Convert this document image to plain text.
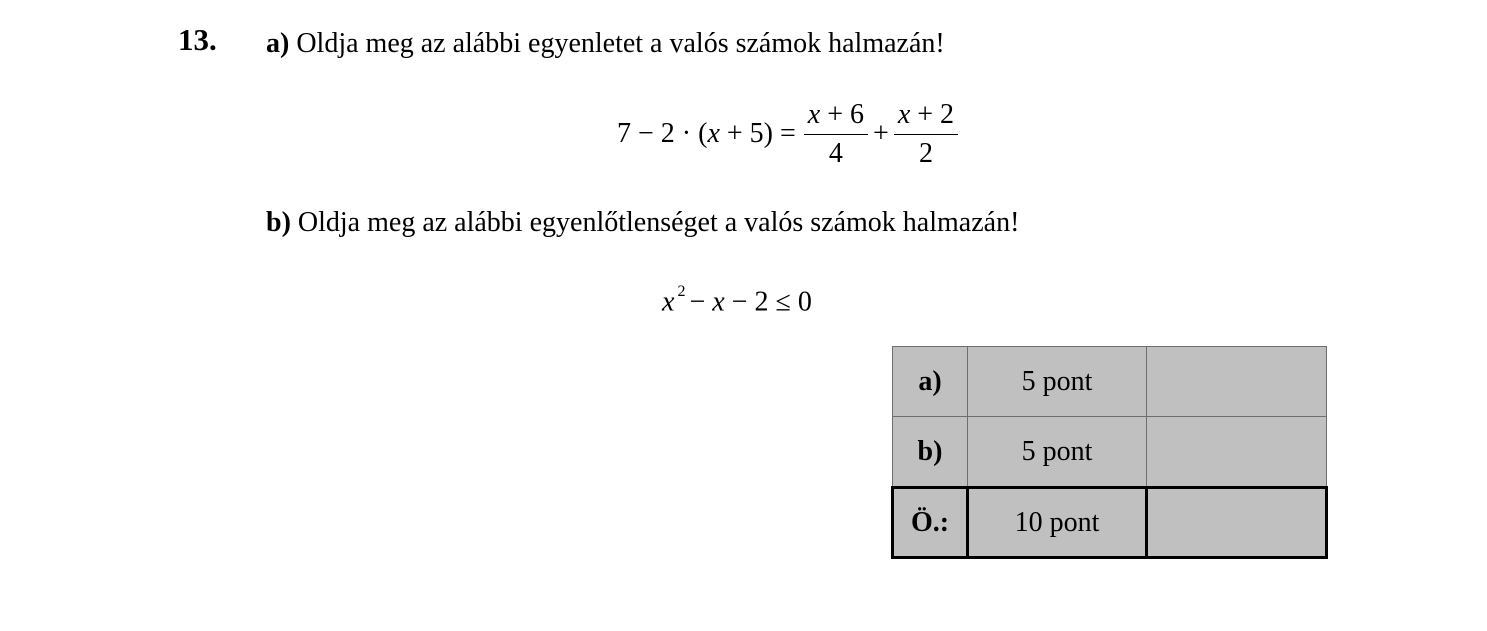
13. a) Oldja meg az alábbi egyenletet a valós számok halmazán!
$7 - 2 \cdot (x + 5) = \frac{x + 6}{4} + \frac{x + 2}{2}$
b) Oldja meg az alábbi egyenlőtlenséget a valós számok halmazán!
x $^2$ − x − 2 ≤ 0
a)	5 pont	
b)	5 pont	
Ö.:	10 pont	
